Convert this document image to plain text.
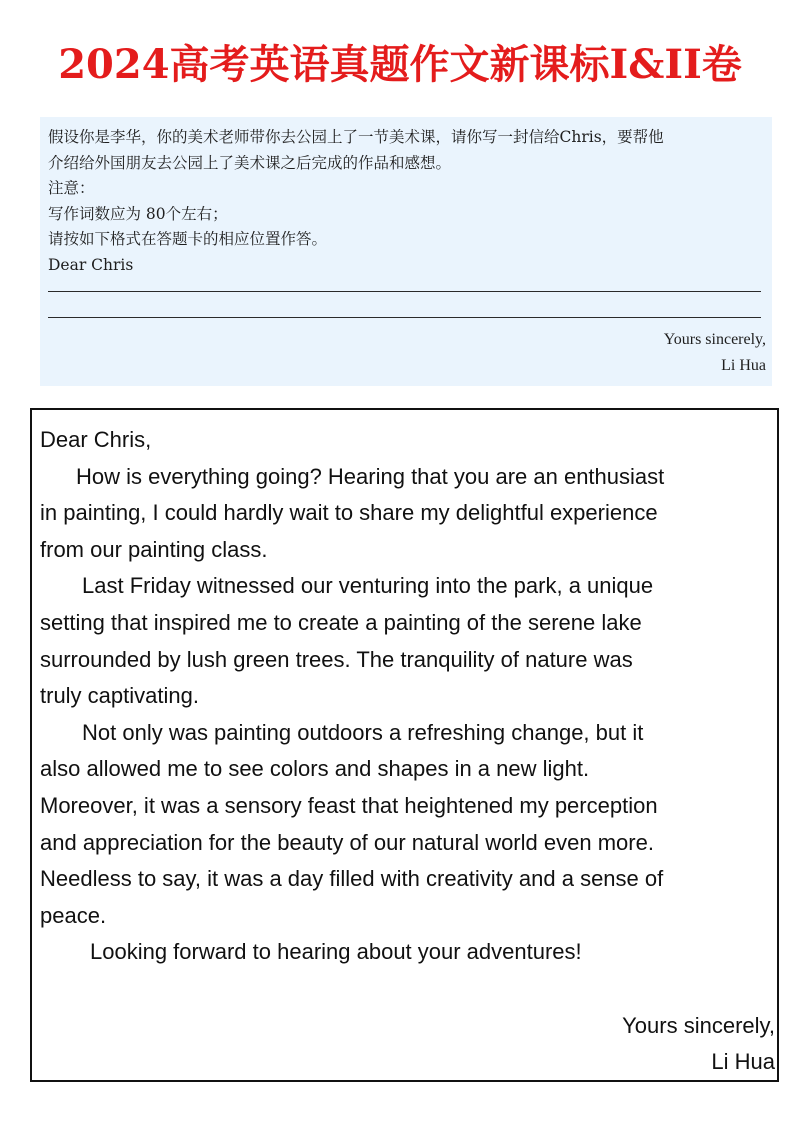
2024高考英语真题作文新课标I&II卷
假设你是李华，你的美术老师带你去公园上了一节美术课，请你写一封信给Chris，要帮他
介绍给外国朋友去公园上了美术课之后完成的作品和感想。
注意：
写作词数应为 80个左右；
请按如下格式在答题卡的相应位置作答。
Dear Chris
Yours sincerely,
Li Hua
Dear Chris,
How is everything going? Hearing that you are an enthusiast
in painting, I could hardly wait to share my delightful experience
from our painting class.
Last Friday witnessed our venturing into the park, a unique
setting that inspired me to create a painting of the serene lake
surrounded by lush green trees. The tranquility of nature was
truly captivating.
Not only was painting outdoors a refreshing change, but it
also allowed me to see colors and shapes in a new light.
Moreover, it was a sensory feast that heightened my perception
and appreciation for the beauty of our natural world even more.
Needless to say, it was a day filled with creativity and a sense of
peace.
Looking forward to hearing about your adventures!
Yours sincerely,
Li Hua
